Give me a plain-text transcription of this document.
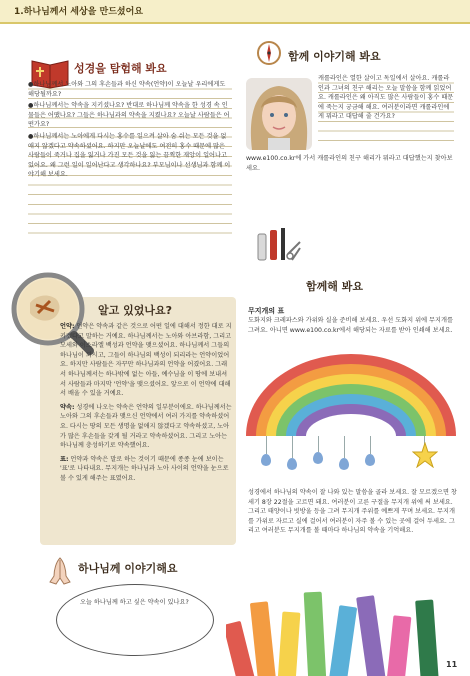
1.하나님께서 세상을 만드셨어요
성경을 탐험해 봐요
●하나님께서 노아와 그의 후손들과 하신 약속(언약)이 오늘날 우리에게도 해당될까요?
●하나님께서는 약속을 지키셨나요? 반대로 하나님께 약속을 한 성경 속 인물들은 어땠나요? 그들은 하나님과의 약속을 지켰나요? 오늘날 사람들은 어떤가요?
●하나님께서는 노아에게 다시는 홍수를 일으켜 살아 숨 쉬는 모든 것을 없애지 않겠다고 약속하셨어요. 하지만 오늘날에도 여전히 홍수 때문에 많은 사람들이 죽거나 집을 잃거나 가진 모든 것을 잃는 끔찍한 재앙이 일어나고 있어요. 왜 그런 일이 일어난다고 생각하나요? 부모님이나 선생님과 함께 이야기해 보세요.
함께 이야기해 봐요
캐롤라인은 열한 살이고 독일에서 살아요. 캐롤라인과 그녀의 친구 해리는 오늘 말씀을 함께 읽었어요. 캐롤라인은 왜 아직도 많은 사람들이 홍수 때문에 죽는지 궁금해 해요. 여러분이라면 캐롤라인에게 뭐라고 대답해 줄 건가요?
www.e100.co.kr에 가서 캐롤라인의 친구 해리가 뭐라고 대답했는지 찾아보세요.
알고 있었나요?
언약: 언약은 약속과 같은 것으로 어떤 일에 대해서 정한 대로 지키겠다고 말하는 거예요. 하나님께서는 노아와 아브라함, 그리고 모세와 이스라엘 백성과 언약을 맺으셨어요. 하나님께서 그들의 하나님이 되시고, 그들이 하나님의 백성이 되리라는 언약이었어요. 하지만 사람들은 자꾸만 하나님과의 언약을 어겼어요. 그래서 하나님께서는 하나밖에 없는 아들, 예수님을 이 땅에 보내셔서 사람들과 마지막 '언약'을 맺으셨어요. 앞으로 이 언약에 대해서 배울 수 있을 거예요.
약속: 성경에 나오는 약속은 언약의 일부분이에요. 하나님께서는 노아와 그의 후손들과 맺으신 언약에서 여러 가지를 약속하셨어요. 다시는 땅의 모든 생명을 없애지 않겠다고 약속하셨고, 노아가 많은 후손들을 갖게 될 거라고 약속하셨어요. 그리고 노아는 하나님께 충성하기로 약속했어요.
표: 언약과 약속은 말로 하는 것이기 때문에 종종 눈에 보이는 '표'로 나타내요. 무지개는 하나님과 노아 사이의 언약을 눈으로 볼 수 있게 해주는 표였어요.
함께해 봐요
무지개의 표
도화지와 크레파스와 가위와 실을 준비해 보세요. 우선 도화지 위에 무지개를 그려요. 아니면 www.e100.co.kr에서 해당되는 자료를 받아 인쇄해 보세요.
성경에서 하나님의 약속이 잘 나와 있는 말씀을 골라 보세요. 잘 모르겠으면 창세기 8장 22절을 고르면 돼요. 여러분이 고른 구절을 무지개 위에 써 보세요. 그리고 태양이나 빗방울 등을 그려 무지개 주위를 예쁘게 꾸며 보세요. 무지개를 가위로 자르고 실에 걸어서 여러분이 자주 볼 수 있는 곳에 걸어 두세요. 그리고 여러분도 무지개를 볼 때마다 하나님의 약속을 기억해요.
하나님께 이야기해요
오늘 하나님께 하고 싶은 약속이 있나요?
11
